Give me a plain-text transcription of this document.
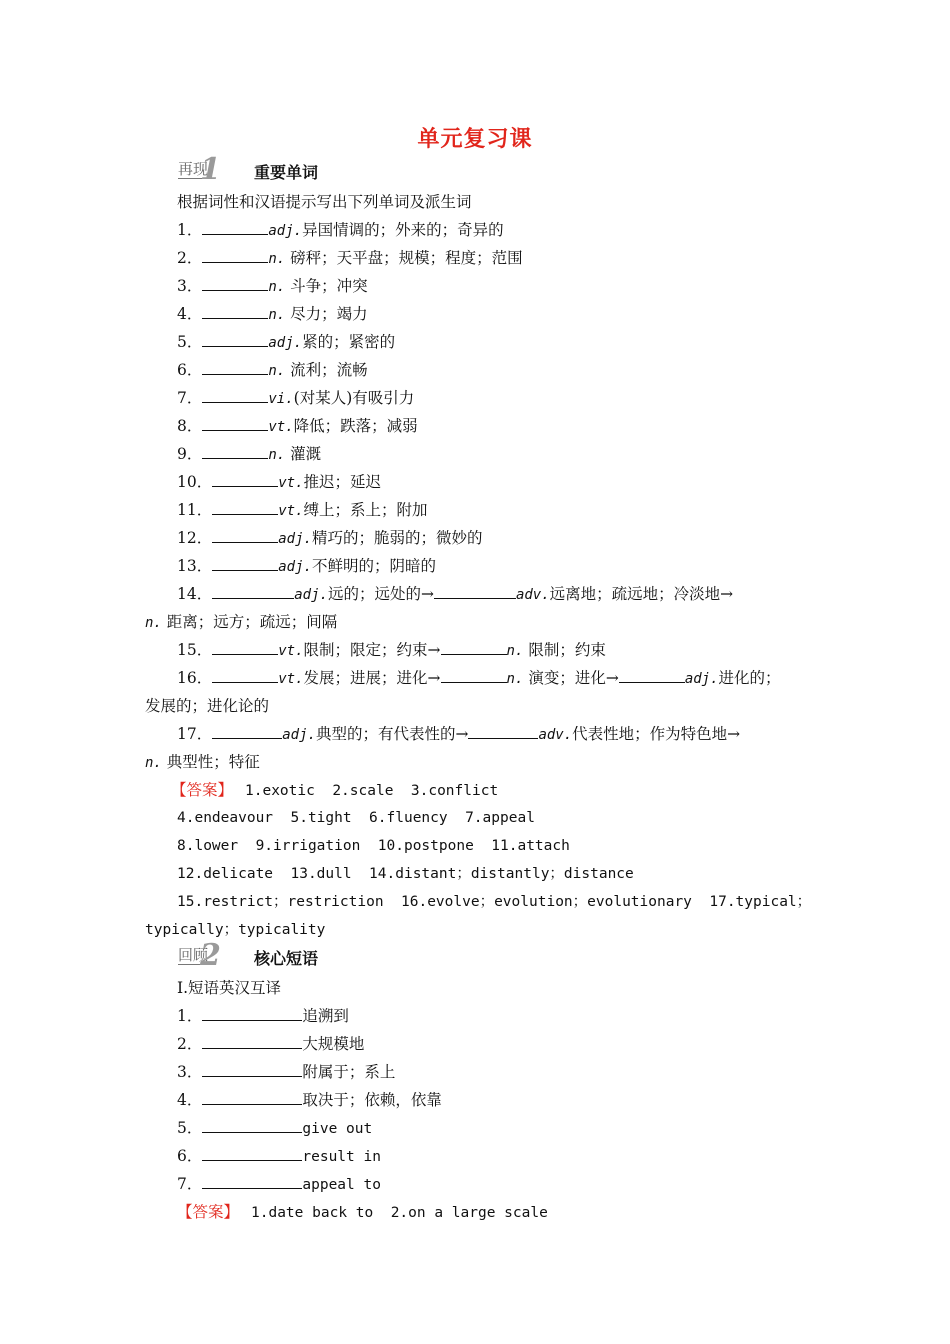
单元复习课
再现
1 重要单词
根据词性和汉语提示写出下列单词及派生词
1．	adj.异国情调的；外来的；奇异的
2．	n. 磅秤；天平盘；规模；程度；范围
3．	n. 斗争；冲突
4．	n. 尽力；竭力
5．	adj.紧的；紧密的
6．	n. 流利；流畅
7．	vi.(对某人)有吸引力
8．	vt.降低；跌落；减弱
9．	n. 灌溉
10．	vt.推迟；延迟
11．	vt.缚上；系上；附加
12．	adj.精巧的；脆弱的；微妙的
13．	adj.不鲜明的；阴暗的
14．	adj.远的；远处的→	adv.远离地；疏远地；冷淡地→
n. 距离；远方；疏远；间隔
15．	vt.限制；限定；约束→	n. 限制；约束
16．	vt.发展；进展；进化→	n. 演变；进化→	adj.进化的；
发展的；进化论的
17．	adj.典型的；有代表性的→	adv.代表性地；作为特色地→
n. 典型性；特征
【答案】 1.exotic  2.scale  3.conflict
4.endeavour  5.tight  6.fluency  7.appeal
8.lower  9.irrigation  10.postpone  11.attach
12.delicate  13.dull  14.distant；distantly；distance
15.restrict；restriction  16.evolve；evolution；evolutionary  17.typical；
typically；typicality
回顾
2 核心短语
Ⅰ.短语英汉互译
1．	追溯到
2．	大规模地
3．	附属于；系上
4．	取决于；依赖，依靠
5．	give out
6．	result in
7．	appeal to
【答案】 1.date back to  2.on a large scale
